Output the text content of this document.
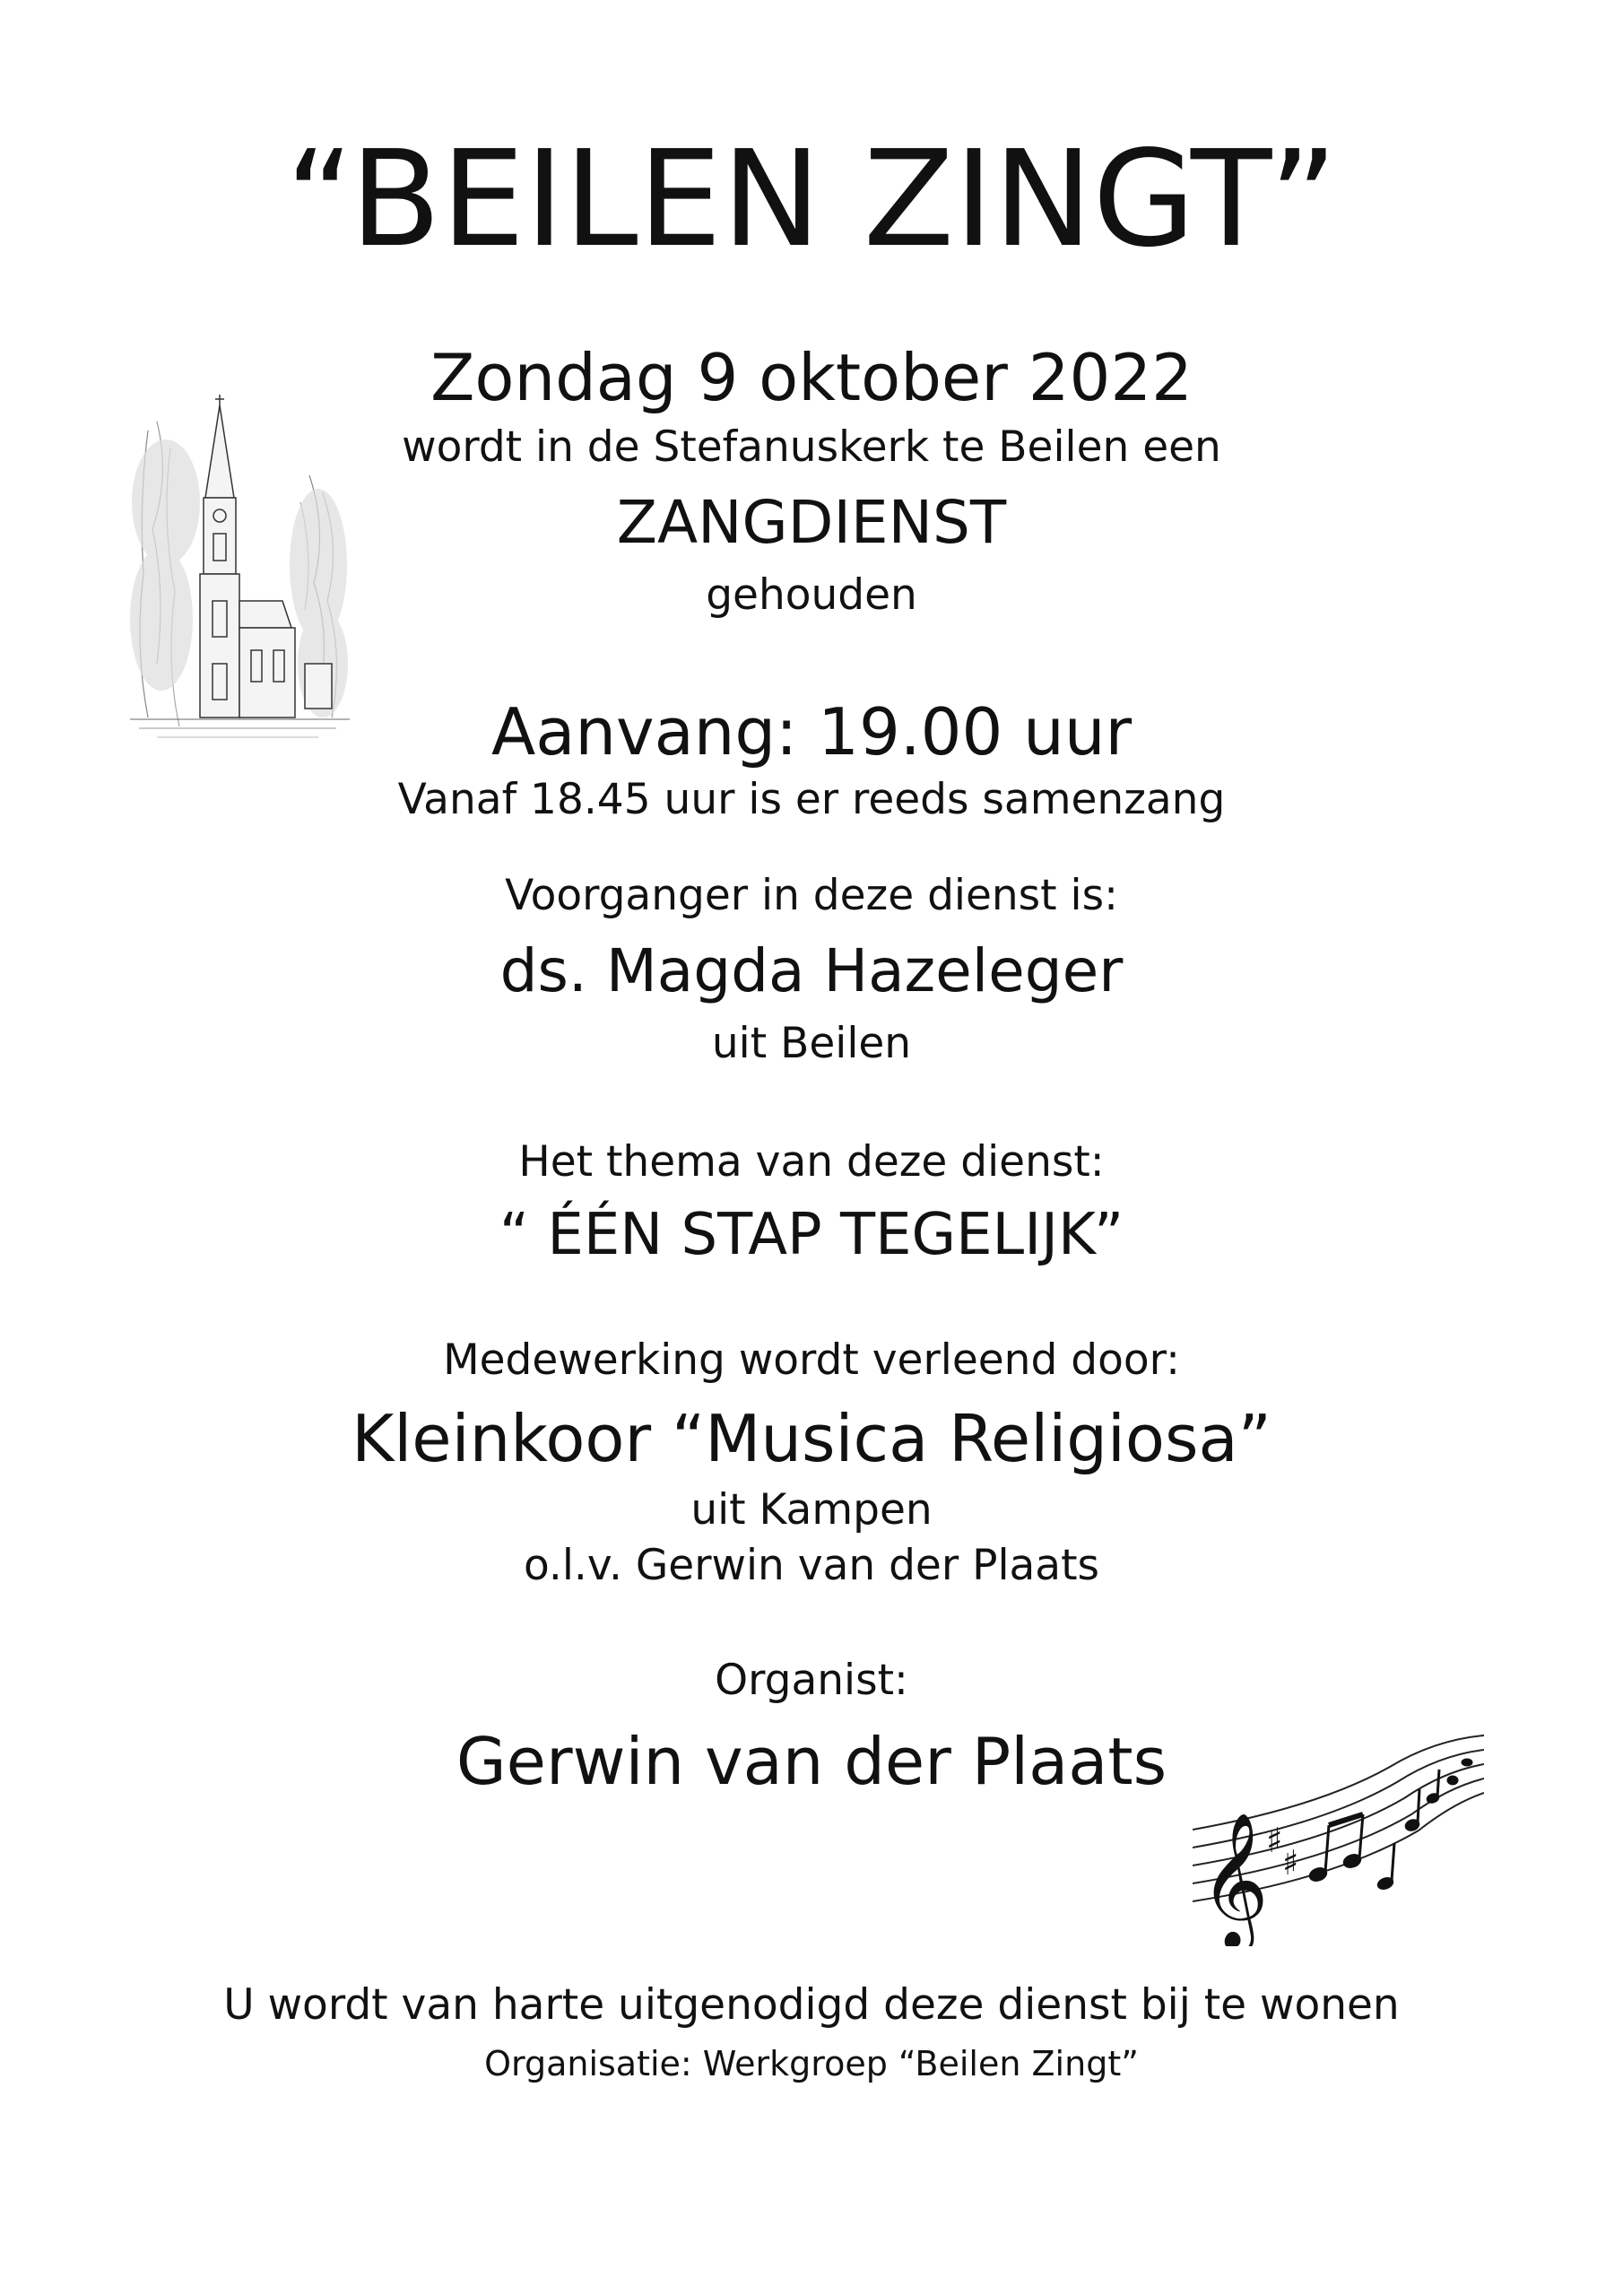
“BEILEN ZINGT”
Zondag 9 oktober 2022
wordt in de Stefanuskerk te Beilen een
ZANGDIENST
gehouden
Aanvang: 19.00 uur
Vanaf 18.45 uur is er reeds samenzang
Voorganger in deze dienst is:
ds. Magda Hazeleger
uit Beilen
Het thema van deze dienst:
“ ÉÉN STAP TEGELIJK”
Medewerking wordt verleend door:
Kleinkoor “Musica Religiosa”
uit Kampen
o.l.v. Gerwin van der Plaats
Organist:
Gerwin van der Plaats
𝄞
♯
♯
U wordt van harte uitgenodigd deze dienst bij te wonen
Organisatie: Werkgroep “Beilen Zingt”
